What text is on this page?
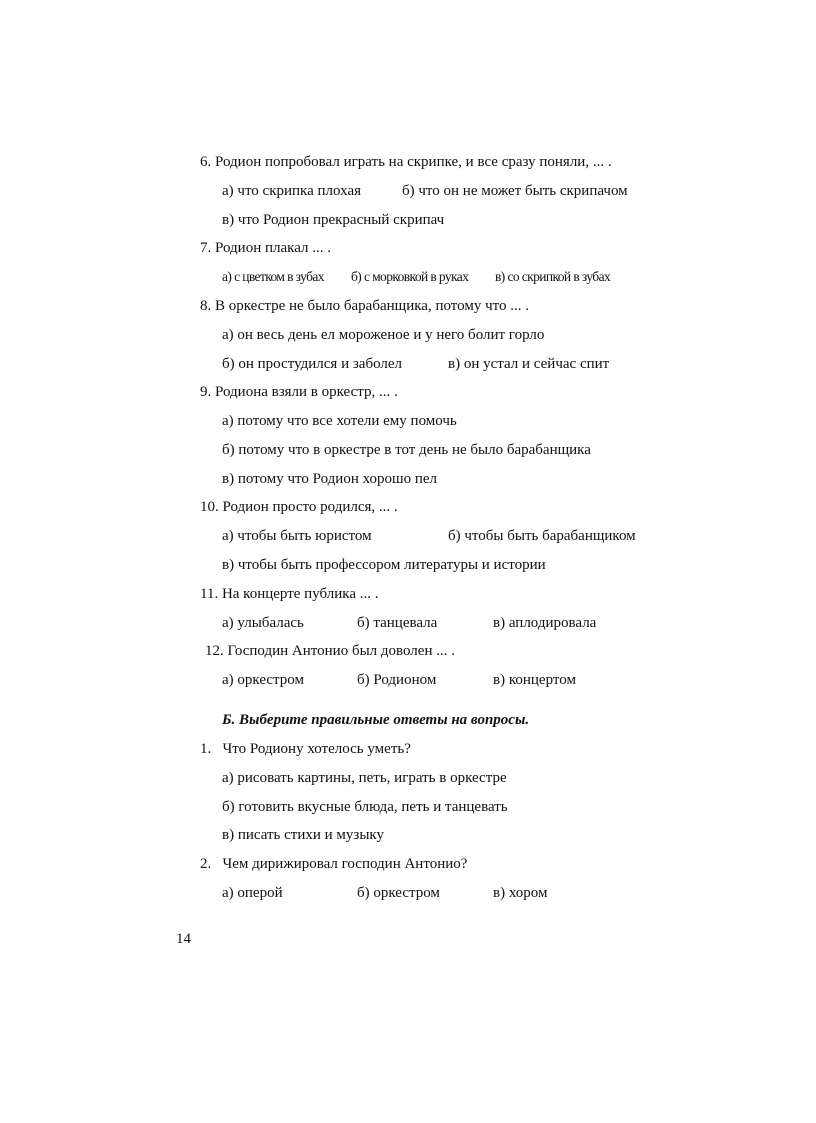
6. Родион попробовал играть на скрипке, и все сразу поняли, ... .
а) что скрипка плохая	б) что он не может быть скрипачом
в) что Родион прекрасный скрипач
7. Родион плакал ... .
а) с цветком в зубах б) с морковкой в руках в) со скрипкой в зубах
8. В оркестре не было барабанщика, потому что ... .
а) он весь день ел мороженое и у него болит горло
б) он простудился и заболел	в) он устал и сейчас спит
9. Родиона взяли в оркестр, ... .
а) потому что все хотели ему помочь
б) потому что в оркестре в тот день не было барабанщика
в) потому что Родион хорошо пел
10. Родион просто родился, ... .
а) чтобы быть юристом	б) чтобы быть барабанщиком
в) чтобы быть профессором литературы и истории
11. На концерте публика ... .
а) улыбалась	б) танцевала	в) аплодировала
12. Господин Антонио был доволен ... .
а) оркестром	б) Родионом	в) концертом
Б. Выберите правильные ответы на вопросы.
1.   Что Родиону хотелось уметь?
а) рисовать картины, петь, играть в оркестре
б) готовить вкусные блюда, петь и танцевать
в) писать стихи и музыку
2.   Чем дирижировал господин Антонио?
а) оперой	б) оркестром	в) хором
14
